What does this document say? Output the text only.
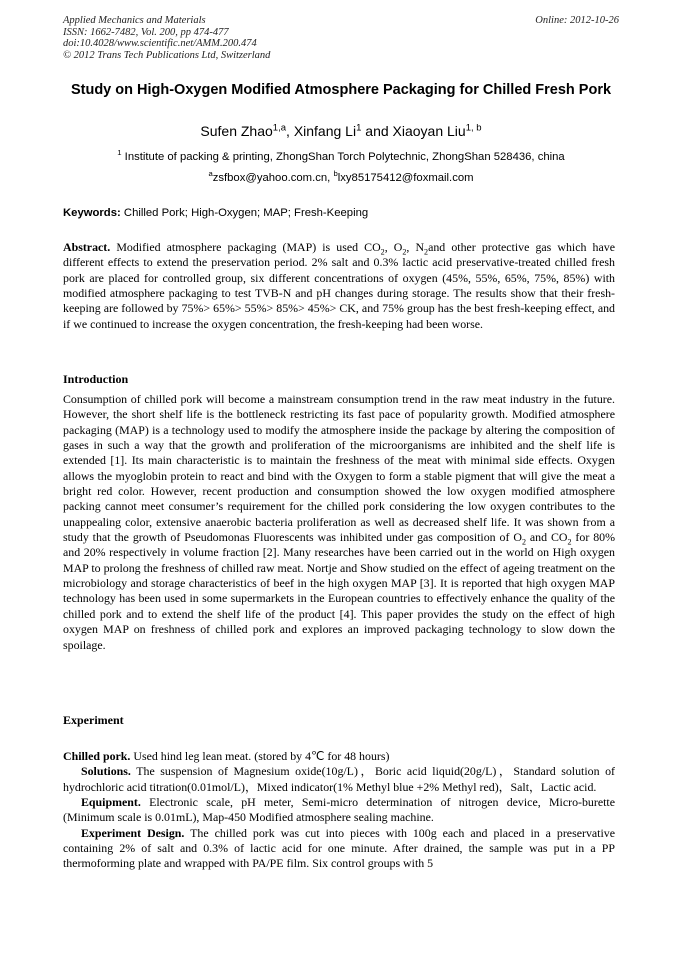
Applied Mechanics and Materials
ISSN: 1662-7482, Vol. 200, pp 474-477
doi:10.4028/www.scientific.net/AMM.200.474
© 2012 Trans Tech Publications Ltd, Switzerland
Online: 2012-10-26
Study on High-Oxygen Modified Atmosphere Packaging for Chilled Fresh Pork
Sufen Zhao$^{1,a}$, Xinfang Li$^1$ and Xiaoyan Liu$^{1, b}$
$^1$ Institute of packing & printing, ZhongShan Torch Polytechnic, ZhongShan 528436, china
$^a$zsfbox@yahoo.com.cn, $^b$lxy85175412@foxmail.com
Keywords: Chilled Pork; High-Oxygen; MAP; Fresh-Keeping
Abstract. Modified atmosphere packaging (MAP) is used $CO_2$, $O_2$, $N_2and$ other protective gas which have different effects to extend the preservation period. 2% salt and 0.3% lactic acid preservative-treated chilled fresh pork are placed for controlled group, six different concentrations of oxygen (45%, 55%, 65%, 75%, 85%) with modified atmosphere packaging to test TVB-N and pH changes during storage. The results show that their fresh-keeping are followed by 75%> 65%> 55%> 85%> 45%> CK, and 75% group has the best fresh-keeping effect, and if we continued to increase the oxygen concentration, the fresh-keeping had been worse.
Introduction
Consumption of chilled pork will become a mainstream consumption trend in the raw meat industry in the future. However, the short shelf life is the bottleneck restricting its fast pace of popularity growth. Modified atmosphere packaging (MAP) is a technology used to modify the atmosphere inside the package by altering the composition of gases in such a way that the growth and proliferation of the microorganisms are inhibited and the shelf life is extended [1]. Its main characteristic is to maintain the freshness of the meat with minimal side effects. Oxygen allows the myoglobin protein to react and bind with the Oxygen to form a stable pigment that will give the meat a bright red color. However, recent production and consumption showed the low oxygen modified atmosphere packing cannot meet consumer’s requirement for the chilled pork considering the low oxygen contributes to the unappealing color, extensive anaerobic bacteria proliferation as well as decreased shelf life. It was shown from a study that the growth of Pseudomonas Fluorescents was inhibited under gas composition of $O_2$ and $CO_2$ for 80% and 20% respectively in volume fraction [2]. Many researches have been carried out in the world on High oxygen MAP to prolong the freshness of chilled raw meat. Nortje and Show studied on the effect of ageing treatment on the microbiology and storage characteristics of beef in the high oxygen MAP [3]. It is reported that high oxygen MAP technology has been used in some supermarkets in the European countries to effectively enhance the quality of the chilled pork and to extend the shelf life of the product [4]. This paper provides the study on the effect of high oxygen MAP on freshness of chilled pork and explores an improved packaging technology to slow down the spoilage.
Experiment

Chilled pork. Used hind leg lean meat. (stored by 4℃ for 48 hours)

Solutions. The suspension of Magnesium oxide(10g/L)，Boric acid liquid(20g/L)，Standard solution of hydrochloric acid titration(0.01mol/L)，Mixed indicator(1% Methyl blue +2% Methyl red)，Salt，Lactic acid.

Equipment. Electronic scale, pH meter, Semi-micro determination of nitrogen device, Micro-burette (Minimum scale is 0.01mL), Map-450 Modified atmosphere sealing machine.

Experiment Design. The chilled pork was cut into pieces with 100g each and placed in a preservative containing 2% of salt and 0.3% of lactic acid for one minute. After drained, the sample was put in a PP thermoforming plate and wrapped with PA/PE film. Six control groups with 5
